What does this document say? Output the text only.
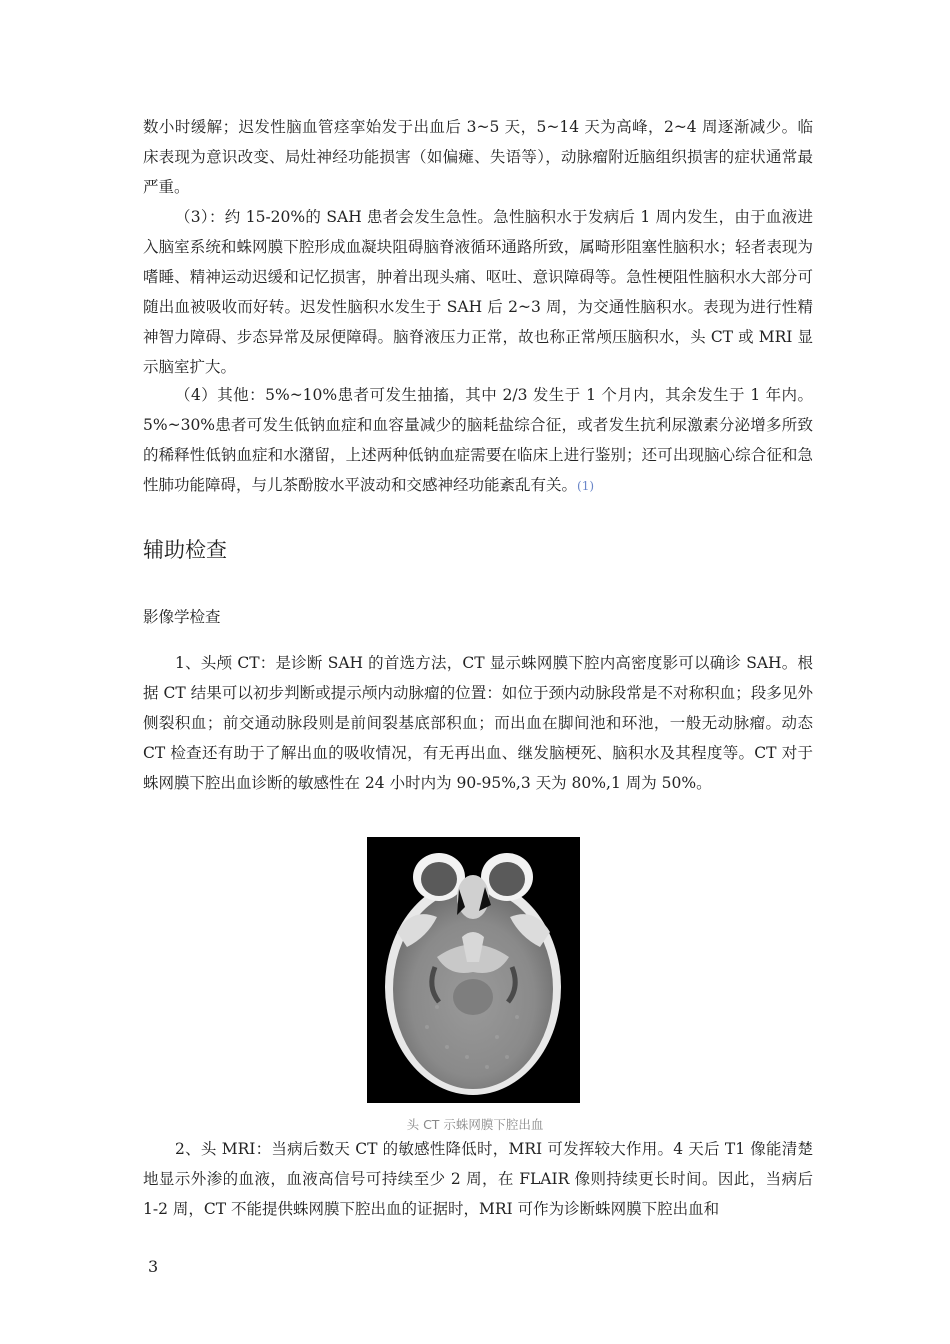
数小时缓解；迟发性脑血管痉挛始发于出血后 3~5 天，5~14 天为高峰，2~4 周逐渐减少。临床表现为意识改变、局灶神经功能损害（如偏瘫、失语等），动脉瘤附近脑组织损害的症状通常最严重。

（3）：约 15-20%的 SAH 患者会发生急性。急性脑积水于发病后 1 周内发生，由于血液进入脑室系统和蛛网膜下腔形成血凝块阻碍脑脊液循环通路所致，属畸形阻塞性脑积水；轻者表现为嗜睡、精神运动迟缓和记忆损害，肿着出现头痛、呕吐、意识障碍等。急性梗阻性脑积水大部分可随出血被吸收而好转。迟发性脑积水发生于 SAH 后 2~3 周，为交通性脑积水。表现为进行性精神智力障碍、步态异常及尿便障碍。脑脊液压力正常，故也称正常颅压脑积水，头 CT 或 MRI 显示脑室扩大。

（4）其他：5%~10%患者可发生抽搐，其中 2/3 发生于 1 个月内，其余发生于 1 年内。5%~30%患者可发生低钠血症和血容量减少的脑耗盐综合征，或者发生抗利尿激素分泌增多所致的稀释性低钠血症和水潴留，上述两种低钠血症需要在临床上进行鉴别；还可出现脑心综合征和急性肺功能障碍，与儿茶酚胺水平波动和交感神经功能紊乱有关。(1)

辅助检查
影像学检查

1、头颅 CT：是诊断 SAH 的首选方法，CT 显示蛛网膜下腔内高密度影可以确诊 SAH。根据 CT 结果可以初步判断或提示颅内动脉瘤的位置：如位于颈内动脉段常是不对称积血；段多见外侧裂积血；前交通动脉段则是前间裂基底部积血；而出血在脚间池和环池，一般无动脉瘤。动态 CT 检查还有助于了解出血的吸收情况，有无再出血、继发脑梗死、脑积水及其程度等。CT 对于蛛网膜下腔出血诊断的敏感性在 24 小时内为 90-95%,3 天为 80%,1 周为 50%。

头 CT 示蛛网膜下腔出血

2、头 MRI：当病后数天 CT 的敏感性降低时，MRI 可发挥较大作用。4 天后 T1 像能清楚地显示外渗的血液，血液高信号可持续至少 2 周，在 FLAIR 像则持续更长时间。因此，当病后 1-2 周，CT 不能提供蛛网膜下腔出血的证据时，MRI 可作为诊断蛛网膜下腔出血和

3
